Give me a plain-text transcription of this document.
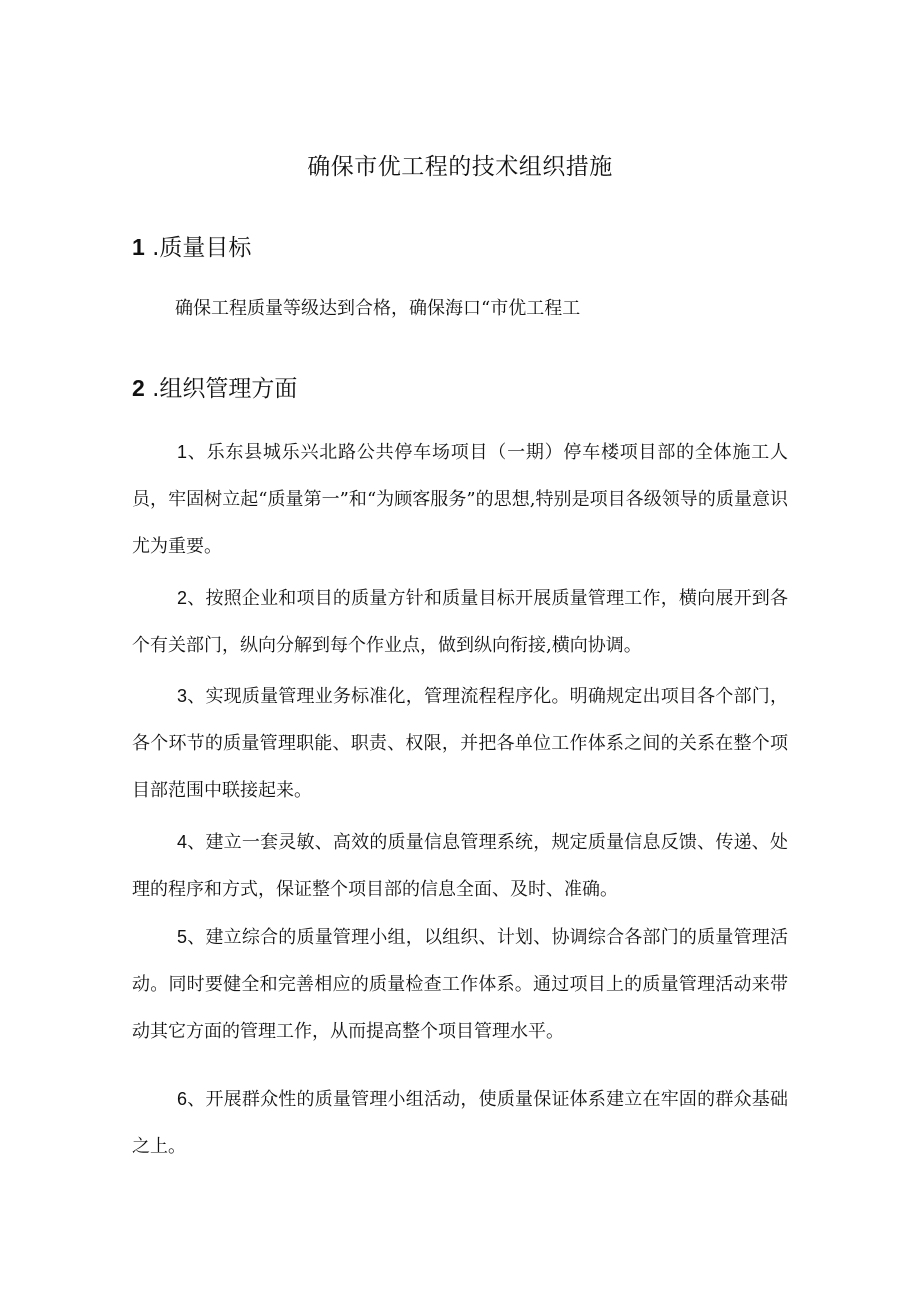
确保市优工程的技术组织措施
1 .质量目标

确保工程质量等级达到合格，确保海口“市优工程工

2 .组织管理方面

1、乐东县城乐兴北路公共停车场项目（一期）停车楼项目部的全体施工人员，牢固树立起“质量第一”和“为顾客服务”的思想,特别是项目各级领导的质量意识尤为重要。

2、按照企业和项目的质量方针和质量目标开展质量管理工作，横向展开到各个有关部门，纵向分解到每个作业点，做到纵向衔接,横向协调。

3、实现质量管理业务标准化，管理流程程序化。明确规定出项目各个部门，各个环节的质量管理职能、职责、权限，并把各单位工作体系之间的关系在整个项目部范围中联接起来。

4、建立一套灵敏、高效的质量信息管理系统，规定质量信息反馈、传递、处理的程序和方式，保证整个项目部的信息全面、及时、准确。

5、建立综合的质量管理小组，以组织、计划、协调综合各部门的质量管理活动。同时要健全和完善相应的质量检查工作体系。通过项目上的质量管理活动来带动其它方面的管理工作，从而提高整个项目管理水平。

6、开展群众性的质量管理小组活动，使质量保证体系建立在牢固的群众基础之上。
